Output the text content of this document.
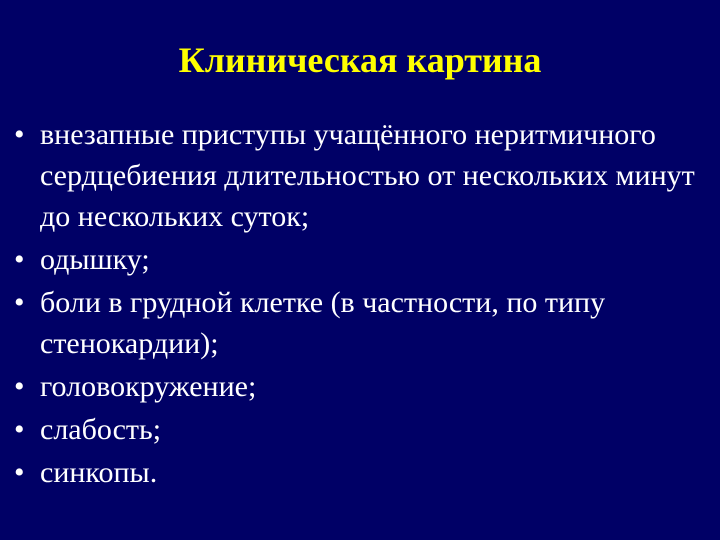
Клиническая картина
• внезапные приступы учащённого неритмичного сердцебиения длительностью от нескольких минут до нескольких суток;
• одышку;
• боли в грудной клетке (в частности, по типу стенокардии);
• головокружение;
• слабость;
• синкопы.
14
